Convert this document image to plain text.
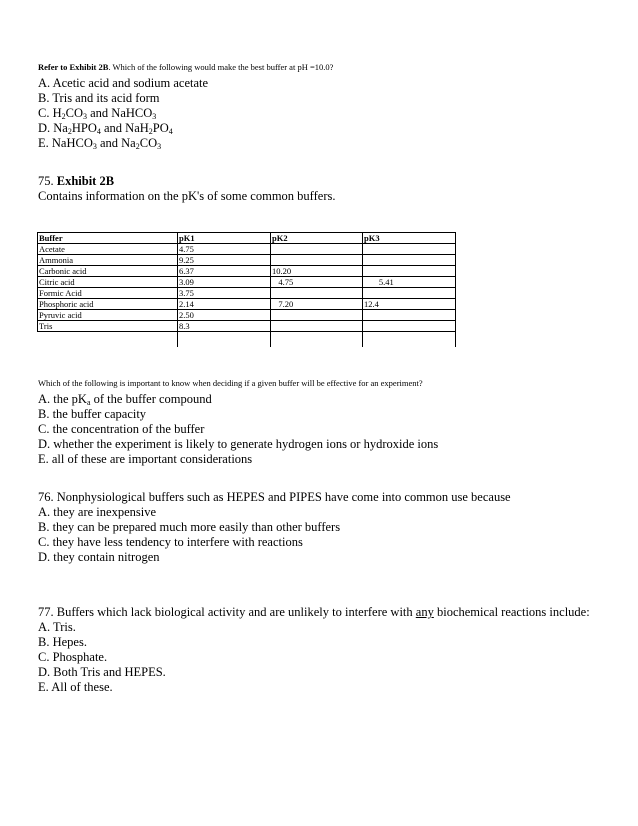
Refer to Exhibit 2B. Which of the following would make the best buffer at pH =10.0?
A. Acetic acid and sodium acetate
B. Tris and its acid form
C. $H_2CO_3$ and NaHCO$_3$
D. $Na_2HPO_4$ and $NaH_2PO_4$
E. NaHCO$_3$ and $Na_2CO_3$
75. Exhibit 2B
Contains information on the pK's of some common buffers.
Buffer	pK1	pK2	pK3
Acetate	4.75		
Ammonia	9.25		
Carbonic acid	6.37	10.20	
Citric acid	3.09	4.75	5.41
Formic Acid	3.75		
Phosphoric acid	2.14	7.20	12.4
Pyruvic acid	2.50		
Tris	8.3		

Which of the following is important to know when deciding if a given buffer will be effective for an experiment?
A. the $pK_a$ of the buffer compound
B. the buffer capacity
C. the concentration of the buffer
D. whether the experiment is likely to generate hydrogen ions or hydroxide ions
E. all of these are important considerations
76. Nonphysiological buffers such as HEPES and PIPES have come into common use because
A. they are inexpensive
B. they can be prepared much more easily than other buffers
C. they have less tendency to interfere with reactions
D. they contain nitrogen
77. Buffers which lack biological activity and are unlikely to interfere with any biochemical reactions include:
A. Tris.
B. Hepes.
C. Phosphate.
D. Both Tris and HEPES.
E. All of these.
